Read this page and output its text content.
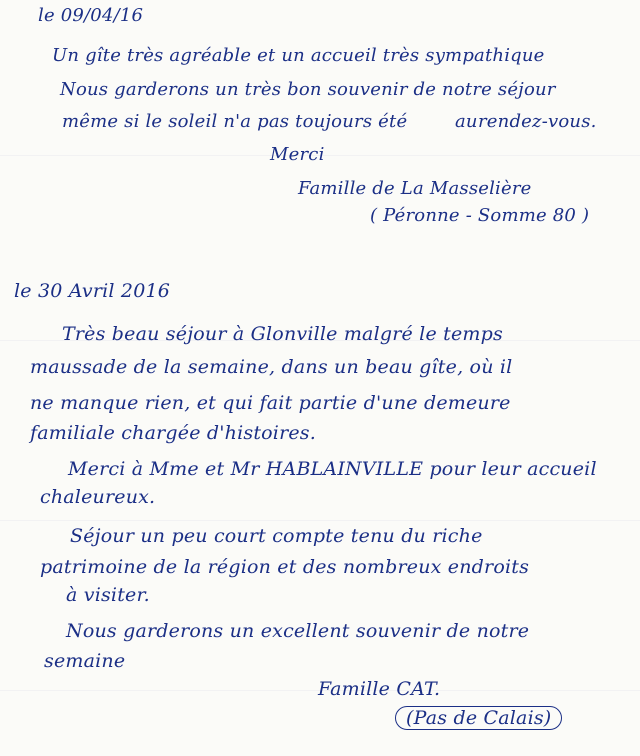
le 09/04/16

Un gîte très agréable et un accueil très sympathique

Nous garderons un très bon souvenir de notre séjour

même si le soleil n'a pas toujours été	au rendez-vous.

Merci

Famille de La Masselière

( Péronne - Somme 80 )

le 30 Avril 2016

Très beau séjour à Glonville malgré le temps

maussade de la semaine, dans un beau gîte, où il

ne manque rien, et qui fait partie d'une demeure

familiale chargée d'histoires.

Merci à Mme et Mr HABLAINVILLE pour leur accueil

chaleureux.

Séjour un peu court compte tenu du riche

patrimoine de la région et des nombreux endroits

à visiter.

Nous garderons un excellent souvenir de notre

semaine

Famille CAT.

(Pas de Calais)
